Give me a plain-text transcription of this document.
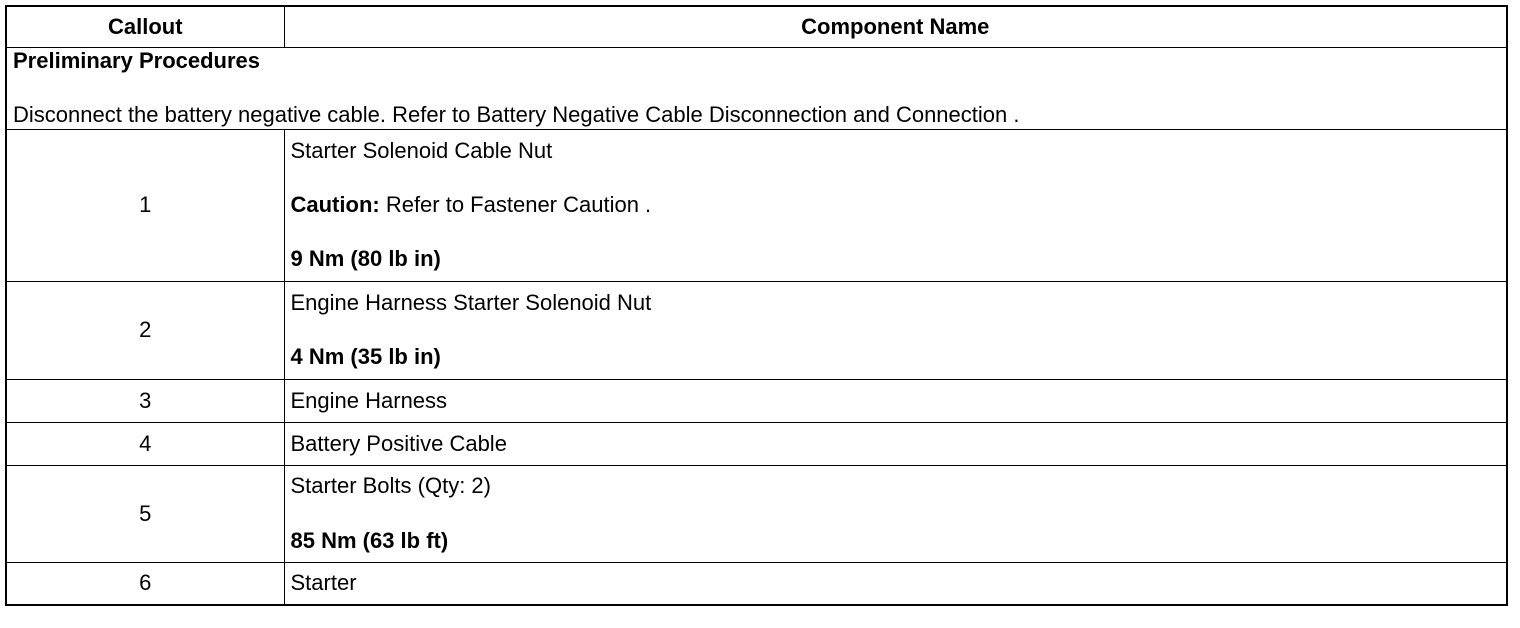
Callout	Component Name

Preliminary Procedures

Disconnect the battery negative cable. Refer to Battery Negative Cable Disconnection and Connection .	

1	Starter Solenoid Cable Nut

Caution: Refer to Fastener Caution .

9 Nm (80 lb in)

2	Engine Harness Starter Solenoid Nut

4 Nm (35 lb in)

3	Engine Harness
4	Battery Positive Cable
5	Starter Bolts (Qty: 2)

85 Nm (63 lb ft)

6	Starter
